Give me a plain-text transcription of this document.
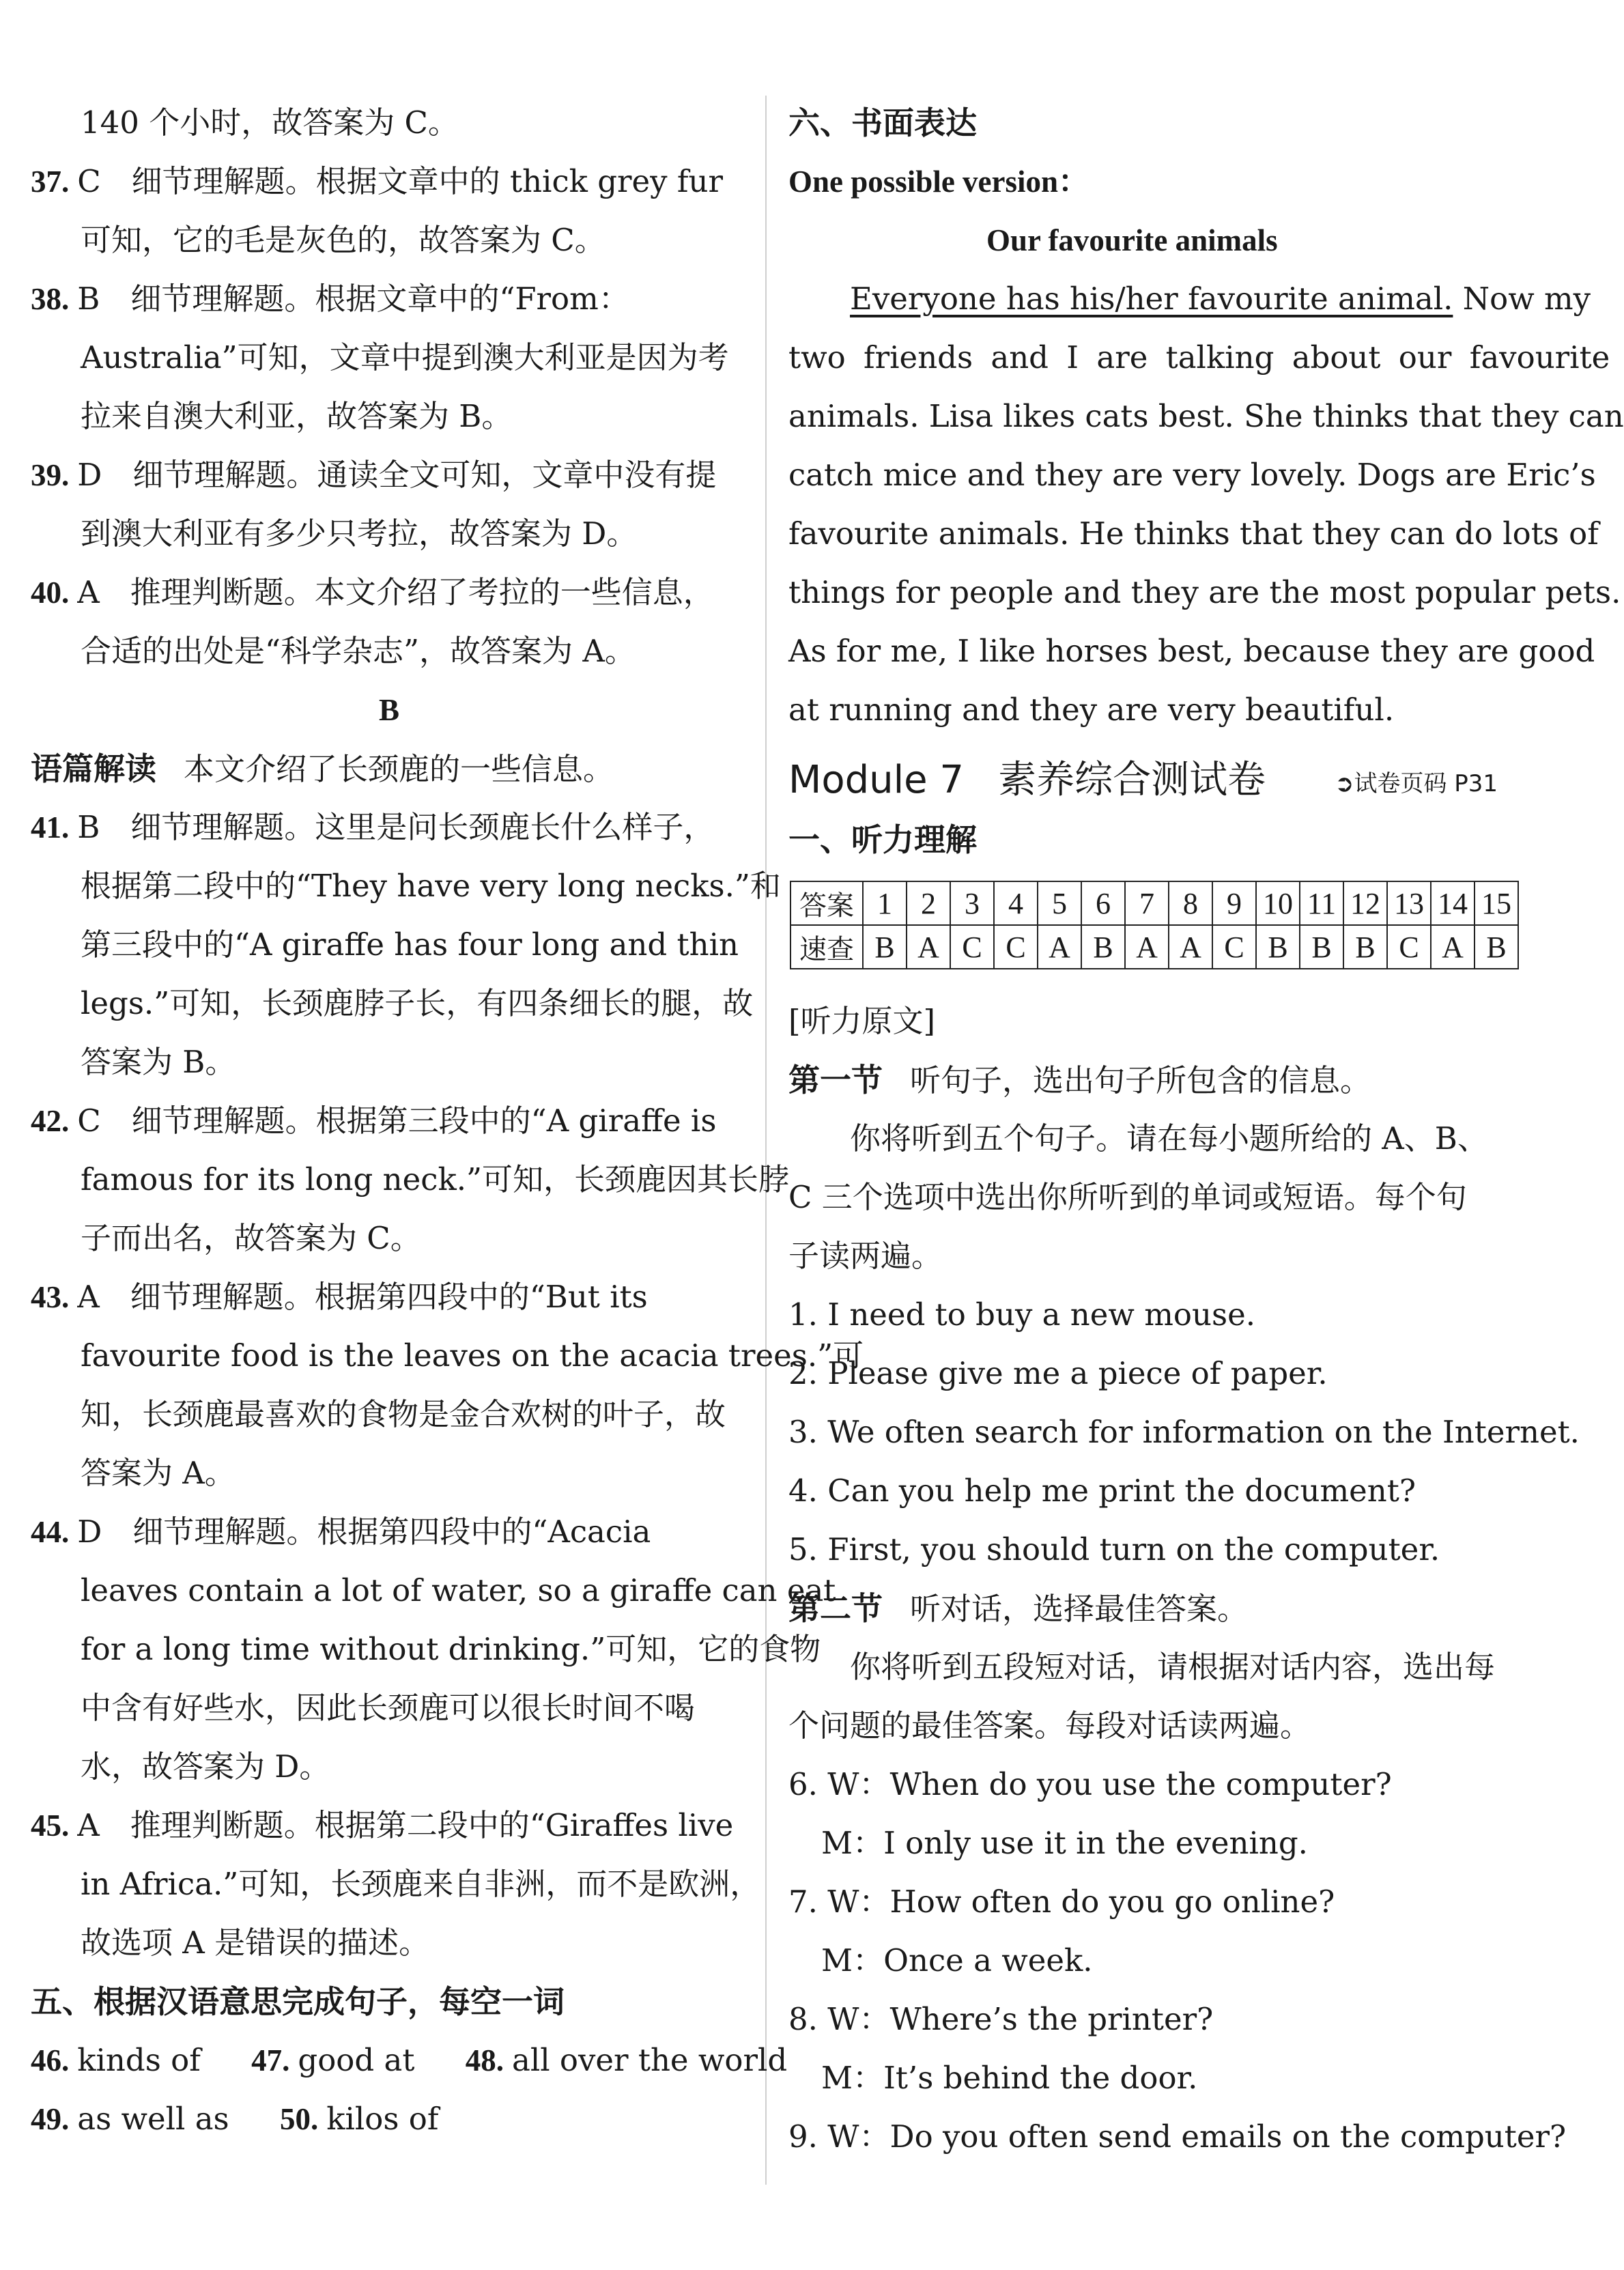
140 个小时，故答案为 C。
37. C　细节理解题。根据文章中的 thick grey fur
可知，它的毛是灰色的，故答案为 C。
38. B　细节理解题。根据文章中的“From：
Australia”可知，文章中提到澳大利亚是因为考
拉来自澳大利亚，故答案为 B。
39. D　细节理解题。通读全文可知，文章中没有提
到澳大利亚有多少只考拉，故答案为 D。
40. A　推理判断题。本文介绍了考拉的一些信息，
合适的出处是“科学杂志”，故答案为 A。
B
语篇解读 本文介绍了长颈鹿的一些信息。
41. B　细节理解题。这里是问长颈鹿长什么样子，
根据第二段中的“They have very long necks.”和
第三段中的“A giraffe has four long and thin
legs.”可知，长颈鹿脖子长，有四条细长的腿，故
答案为 B。
42. C　细节理解题。根据第三段中的“A giraffe is
famous for its long neck.”可知，长颈鹿因其长脖
子而出名，故答案为 C。
43. A　细节理解题。根据第四段中的“But its
favourite food is the leaves on the acacia trees.”可
知，长颈鹿最喜欢的食物是金合欢树的叶子，故
答案为 A。
44. D　细节理解题。根据第四段中的“Acacia
leaves contain a lot of water, so a giraffe can eat
for a long time without drinking.”可知，它的食物
中含有好些水，因此长颈鹿可以很长时间不喝
水，故答案为 D。
45. A　推理判断题。根据第二段中的“Giraffes live
in Africa.”可知，长颈鹿来自非洲，而不是欧洲，
故选项 A 是错误的描述。
五、根据汉语意思完成句子，每空一词
46. kinds of 47. good at 48. all over the world
49. as well as 50. kilos of
六、书面表达
One possible version：
Our favourite animals
Everyone has his/her favourite animal. Now my
two friends and I are talking about our favourite
animals. Lisa likes cats best. She thinks that they can
catch mice and they are very lovely. Dogs are Eric’s
favourite animals. He thinks that they can do lots of
things for people and they are the most popular pets.
As for me, I like horses best, because they are good
at running and they are very beautiful.
Module 7 素养综合测试卷	➲试卷页码 P31
一、听力理解
答案	1	2	3	4	5	6	7	8	9	10	11	12	13	14	15
速查	B	A	C	C	A	B	A	A	C	B	B	B	C	A	B
[听力原文]
第一节 听句子，选出句子所包含的信息。
你将听到五个句子。请在每小题所给的 A、B、
C 三个选项中选出你所听到的单词或短语。每个句
子读两遍。
1. I need to buy a new mouse.
2. Please give me a piece of paper.
3. We often search for information on the Internet.
4. Can you help me print the document?
5. First, you should turn on the computer.
第二节 听对话，选择最佳答案。
你将听到五段短对话，请根据对话内容，选出每
个问题的最佳答案。每段对话读两遍。
6. W：When do you use the computer?
M：I only use it in the evening.
7. W：How often do you go online?
M：Once a week.
8. W：Where’s the printer?
M：It’s behind the door.
9. W：Do you often send emails on the computer?
